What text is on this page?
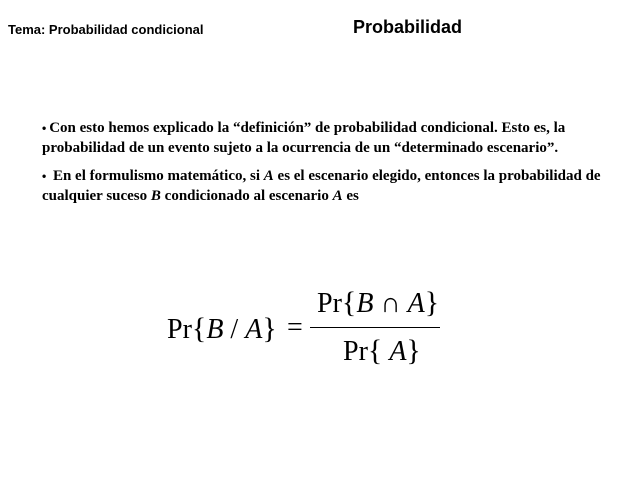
Tema: Probabilidad condicional	Probabilidad
• Con esto hemos explicado la “definición” de probabilidad condicional. Esto es, la probabilidad de un evento sujeto a la ocurrencia de un “determinado escenario”.
• En el formulismo matemático, si A es el escenario elegido, entonces la probabilidad de cualquier suceso B condicionado al escenario A es
Pr{B / A} =
Pr{B ∩ A}
Pr{ A}
